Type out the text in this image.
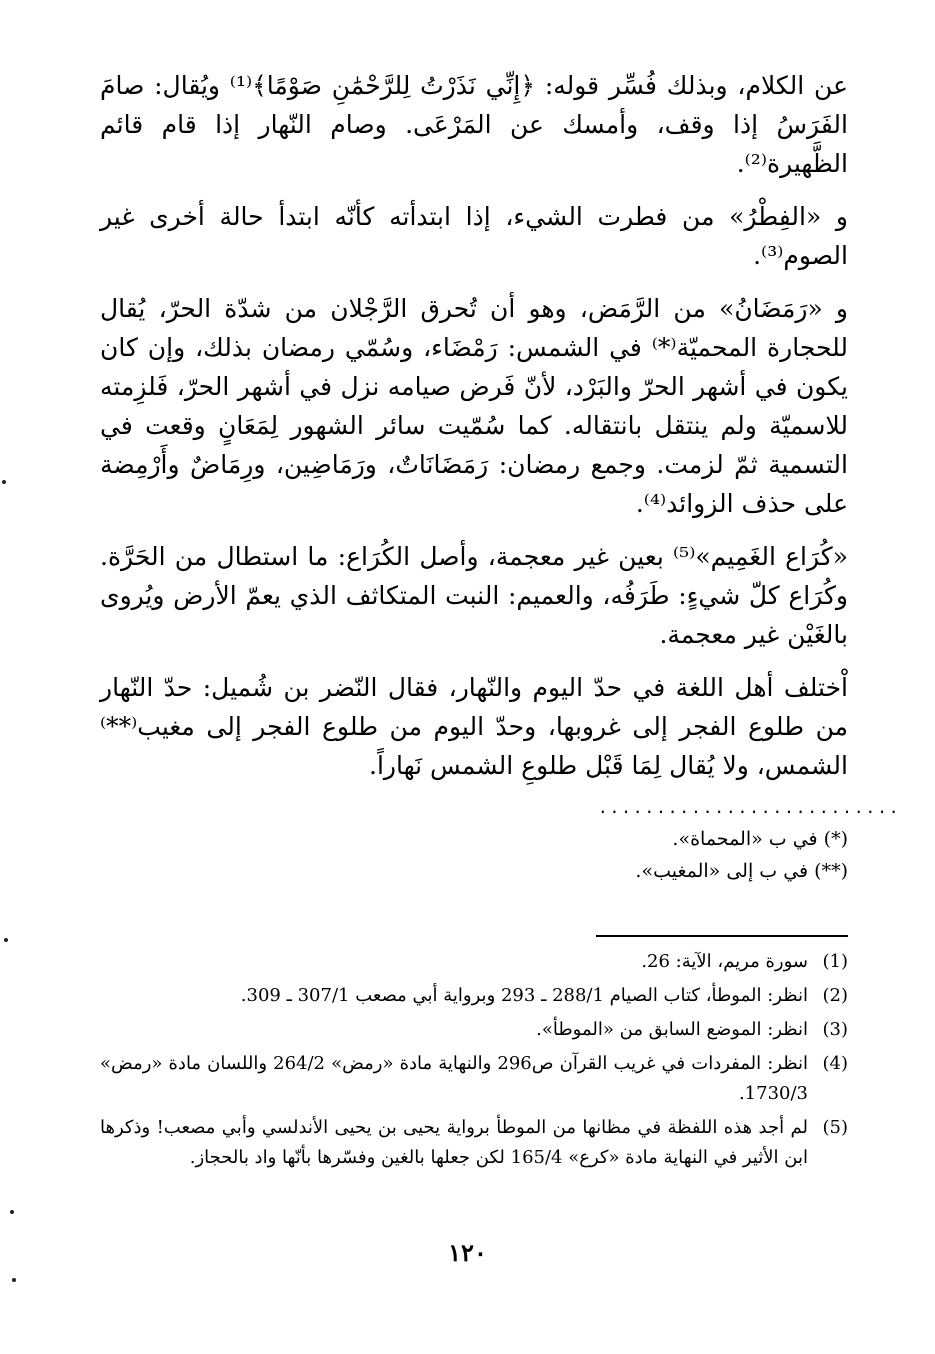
عن الكلام، وبذلك فُسِّر قوله: ﴿إِنِّي نَذَرْتُ لِلرَّحْمَٰنِ صَوْمًا﴾⁽¹⁾ ويُقال: صامَ الفَرَسُ إذا وقف، وأمسك عن المَرْعَى. وصام النّهار إذا قام قائم الظَّهيرة⁽²⁾.

و «الفِطْرُ» من فطرت الشيء، إذا ابتدأته كأنّه ابتدأ حالة أخرى غير الصوم⁽³⁾.

و «رَمَضَانُ» من الرَّمَض، وهو أن تُحرق الرَّجْلان من شدّة الحرّ، يُقال للحجارة المحميّة⁽*⁾ في الشمس: رَمْضَاء، وسُمّي رمضان بذلك، وإن كان يكون في أشهر الحرّ والبَرْد، لأنّ فَرض صيامه نزل في أشهر الحرّ، فَلزِمته للاسميّة ولم ينتقل بانتقاله. كما سُمّيت سائر الشهور لِمَعَانٍ وقعت في التسمية ثمّ لزمت. وجمع رمضان: رَمَضَانَاتٌ، ورَمَاضِين، ورِمَاضٌ وأَرْمِضة على حذف الزوائد⁽⁴⁾.

«كُرَاع الغَمِيم»⁽⁵⁾ بعين غير معجمة، وأصل الكُرَاع: ما استطال من الحَرَّة. وكُرَاع كلّ شيءٍ: طَرَفُه، والعميم: النبت المتكاثف الذي يعمّ الأرض ويُروى بالغَيْن غير معجمة.

اْختلف أهل اللغة في حدّ اليوم والنّهار، فقال النّضر بن شُميل: حدّ النّهار من طلوع الفجر إلى غروبها، وحدّ اليوم من طلوع الفجر إلى مغيب⁽**⁾ الشمس، ولا يُقال لِمَا قَبْل طلوعِ الشمس نَهاراً.

..........................

(*) في ب «المحماة».

(**) في ب إلى «المغيب».

(1)
سورة مريم، الآية: 26.
(2)
انظر: الموطأ، كتاب الصيام 288/1 ـ 293 وبرواية أبي مصعب 307/1 ـ 309.
(3)
انظر: الموضع السابق من «الموطأ».
(4)
انظر: المفردات في غريب القرآن ص296 والنهاية مادة «رمض» 264/2 واللسان مادة «رمض» 1730/3.
(5)
لم أجد هذه اللفظة في مظانها من الموطأ برواية يحيى بن يحيى الأندلسي وأبي مصعب! وذكرها ابن الأثير في النهاية مادة «كرع» 165/4 لكن جعلها بالغين وفسّرها بأنّها واد بالحجاز.
١٢٠
